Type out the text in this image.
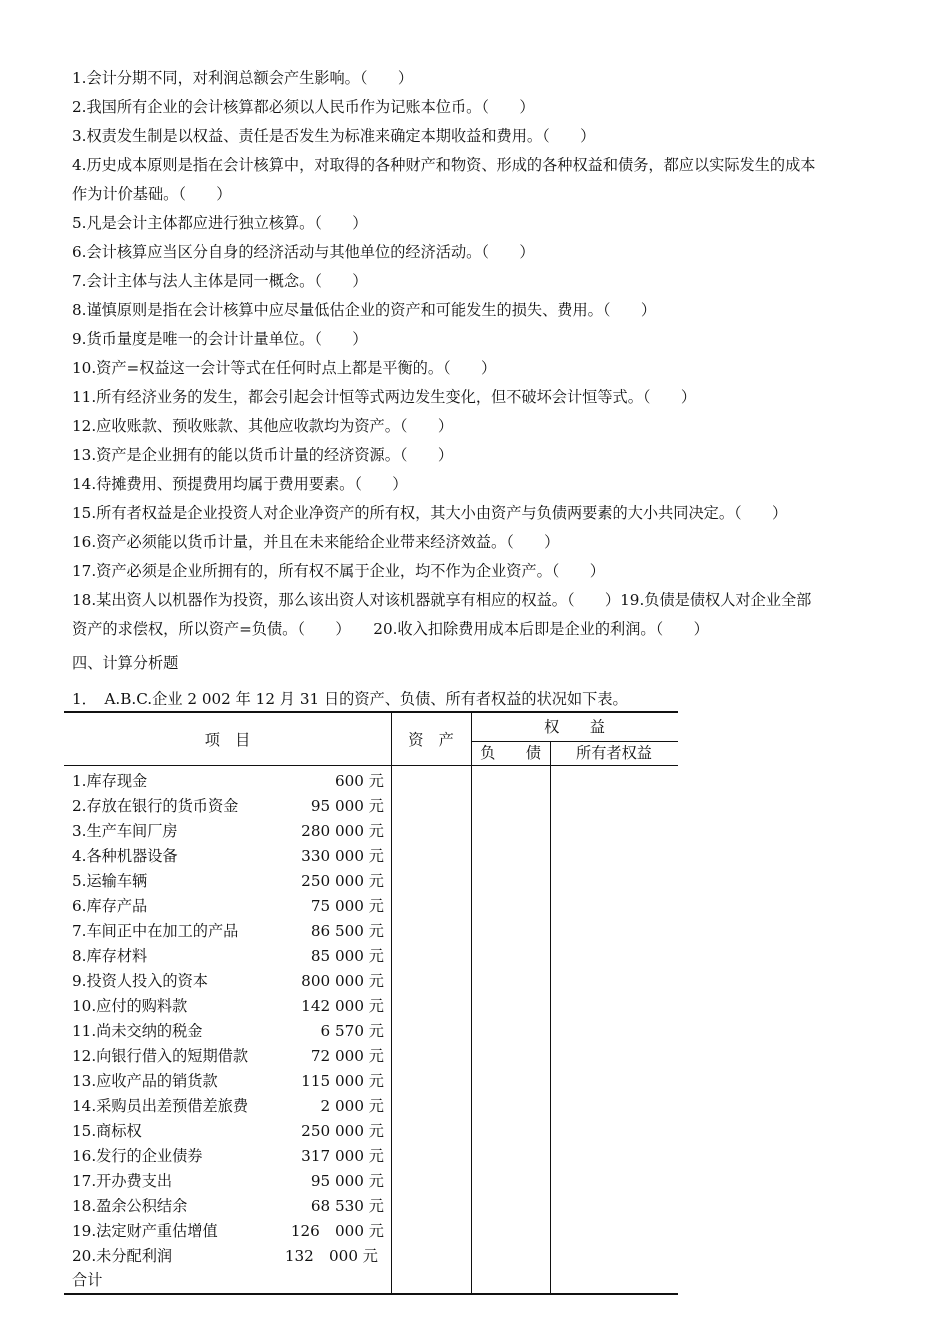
1.会计分期不同，对利润总额会产生影响。（　　）
2.我国所有企业的会计核算都必须以人民币作为记账本位币。（　　）
3.权责发生制是以权益、责任是否发生为标准来确定本期收益和费用。（　　）
4.历史成本原则是指在会计核算中，对取得的各种财产和物资、形成的各种权益和债务，都应以实际发生的成本
作为计价基础。（　　）
5.凡是会计主体都应进行独立核算。（　　）
6.会计核算应当区分自身的经济活动与其他单位的经济活动。（　　）
7.会计主体与法人主体是同一概念。（　　）
8.谨慎原则是指在会计核算中应尽量低估企业的资产和可能发生的损失、费用。（　　）
9.货币量度是唯一的会计计量单位。（　　）
10.资产=权益这一会计等式在任何时点上都是平衡的。（　　）
11.所有经济业务的发生，都会引起会计恒等式两边发生变化，但不破坏会计恒等式。（　　）
12.应收账款、预收账款、其他应收款均为资产。（　　）
13.资产是企业拥有的能以货币计量的经济资源。（　　）
14.待摊费用、预提费用均属于费用要素。（　　）
15.所有者权益是企业投资人对企业净资产的所有权，其大小由资产与负债两要素的大小共同决定。（　　）
16.资产必须能以货币计量，并且在未来能给企业带来经济效益。（　　）
17.资产必须是企业所拥有的，所有权不属于企业，均不作为企业资产。（　　）
18.某出资人以机器作为投资，那么该出资人对该机器就享有相应的权益。（　　）19.负债是债权人对企业全部
资产的求偿权，所以资产=负债。（　　）　　20.收入扣除费用成本后即是企业的利润。（　　）
四、计算分析题
1．　A.B.C.企业 2 002 年 12 月 31 日的资产、负债、所有者权益的状况如下表。
项　目	资　产
权　　益
负　　债	所有者权益
1.库存现金	600 元
2.存放在银行的货币资金	95 000 元
3.生产车间厂房	280 000 元
4.各种机器设备	330 000 元
5.运输车辆	250 000 元
6.库存产品	75 000 元
7.车间正中在加工的产品	86 500 元
8.库存材料	85 000 元
9.投资人投入的资本	800 000 元
10.应付的购料款	142 000 元
11.尚未交纳的税金	6 570 元
12.向银行借入的短期借款	72 000 元
13.应收产品的销货款	115 000 元
14.采购员出差预借差旅费	2 000 元
15.商标权	250 000 元
16.发行的企业债券	317 000 元
17.开办费支出	95 000 元
18.盈余公积结余	68 530 元
19.法定财产重估增值	126　000 元
20.未分配利润	132　000 元
合计
